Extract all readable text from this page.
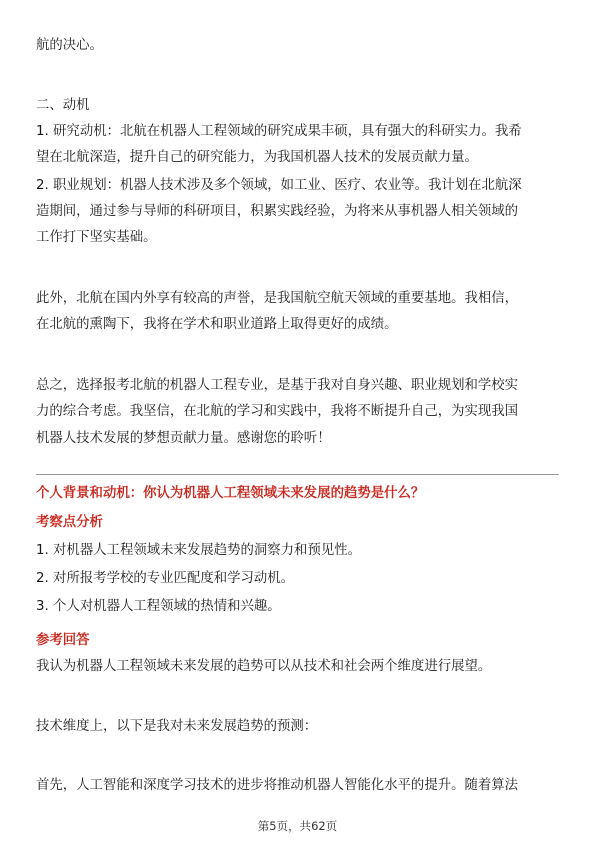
航的决心。
二、动机
1. 研究动机：北航在机器人工程领域的研究成果丰硕，具有强大的科研实力。我希
望在北航深造，提升自己的研究能力，为我国机器人技术的发展贡献力量。
2. 职业规划：机器人技术涉及多个领域，如工业、医疗、农业等。我计划在北航深
造期间，通过参与导师的科研项目，积累实践经验，为将来从事机器人相关领域的
工作打下坚实基础。
此外，北航在国内外享有较高的声誉，是我国航空航天领域的重要基地。我相信，
在北航的熏陶下，我将在学术和职业道路上取得更好的成绩。
总之，选择报考北航的机器人工程专业，是基于我对自身兴趣、职业规划和学校实
力的综合考虑。我坚信，在北航的学习和实践中，我将不断提升自己，为实现我国
机器人技术发展的梦想贡献力量。感谢您的聆听！
个人背景和动机：你认为机器人工程领域未来发展的趋势是什么？
考察点分析
1. 对机器人工程领域未来发展趋势的洞察力和预见性。
2. 对所报考学校的专业匹配度和学习动机。
3. 个人对机器人工程领域的热情和兴趣。
参考回答
我认为机器人工程领域未来发展的趋势可以从技术和社会两个维度进行展望。
技术维度上，以下是我对未来发展趋势的预测：
首先，人工智能和深度学习技术的进步将推动机器人智能化水平的提升。随着算法
第5页，共62页
